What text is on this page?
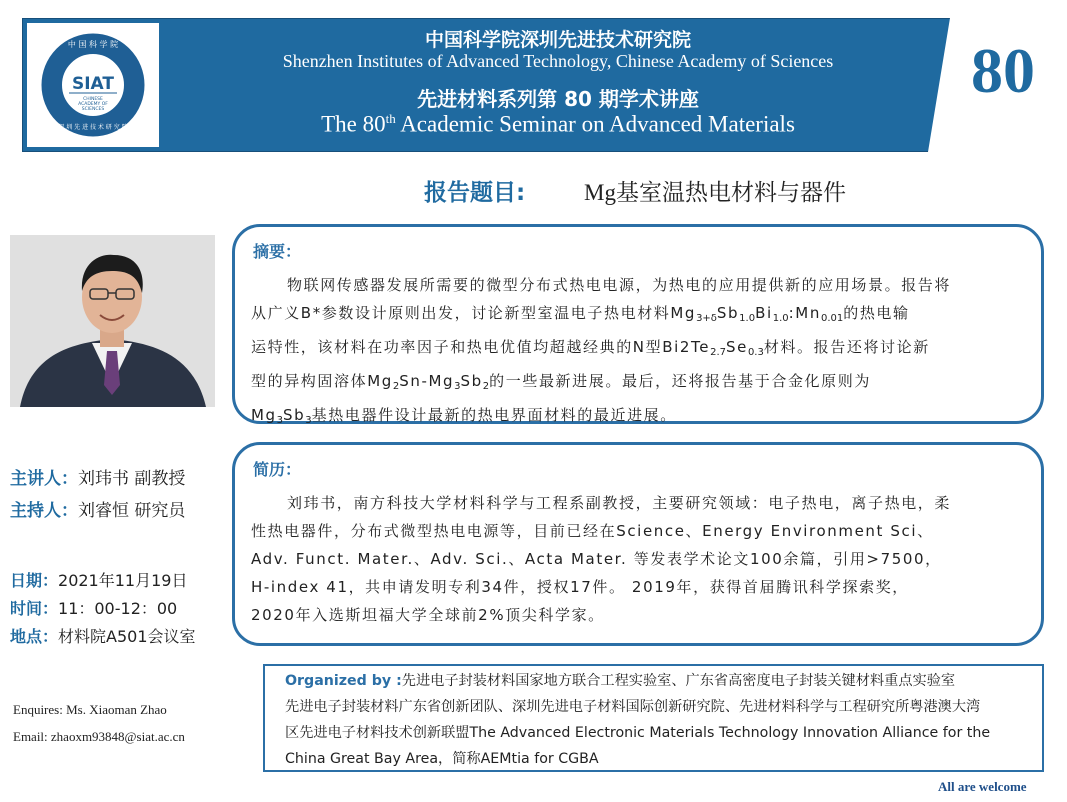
中 国 科 学 院
深 圳 先 进 技 术 研 究 院
SIAT
CHINESE
ACADEMY OF
SCIENCES
中国科学院深圳先进技术研究院
Shenzhen Institutes of Advanced Technology, Chinese Academy of Sciences
先进材料系列第 80 期学术讲座
The 80th Academic Seminar on Advanced Materials
80
报告题目:	Mg基室温热电材料与器件
摘要：
物联网传感器发展所需要的微型分布式热电电源，为热电的应用提供新的应用场景。报告将
从广义B*参数设计原则出发，讨论新型室温电子热电材料$Mg_{3+\delta}Sb_{1.0}Bi_{1.0}:Mn_{0.01}$的热电输
运特性，该材料在功率因子和热电优值均超越经典的N型$Bi2Te_{2.7}Se_{0.3}$材料。报告还将讨论新
型的异构固溶体$Mg_2Sn-Mg_3Sb_2$的一些最新进展。最后，还将报告基于合金化原则为
$Mg_3Sb_3$基热电器件设计最新的热电界面材料的最近进展。
简历：
刘玮书，南方科技大学材料科学与工程系副教授，主要研究领域：电子热电，离子热电，柔
性热电器件，分布式微型热电电源等，目前已经在Science、Energy Environment Sci、
Adv. Funct. Mater.、Adv. Sci.、Acta Mater. 等发表学术论文100余篇，引用>7500，
H-index 41，共申请发明专利34件，授权17件。 2019年，获得首届腾讯科学探索奖，
2020年入选斯坦福大学全球前2%顶尖科学家。
主讲人：刘玮书 副教授
主持人：刘睿恒 研究员
日期：2021年11月19日
时间：11：00-12：00
地点：材料院A501会议室
Enquires: Ms. Xiaoman Zhao
Email: zhaoxm93848@siat.ac.cn
Organized by :先进电子封装材料国家地方联合工程实验室、广东省高密度电子封装关键材料重点实验室
先进电子封装材料广东省创新团队、深圳先进电子材料国际创新研究院、先进材料科学与工程研究所粤港澳大湾
区先进电子材料技术创新联盟The Advanced Electronic Materials Technology Innovation Alliance for the
China Great Bay Area，简称AEMtia for CGBA
All are welcome
